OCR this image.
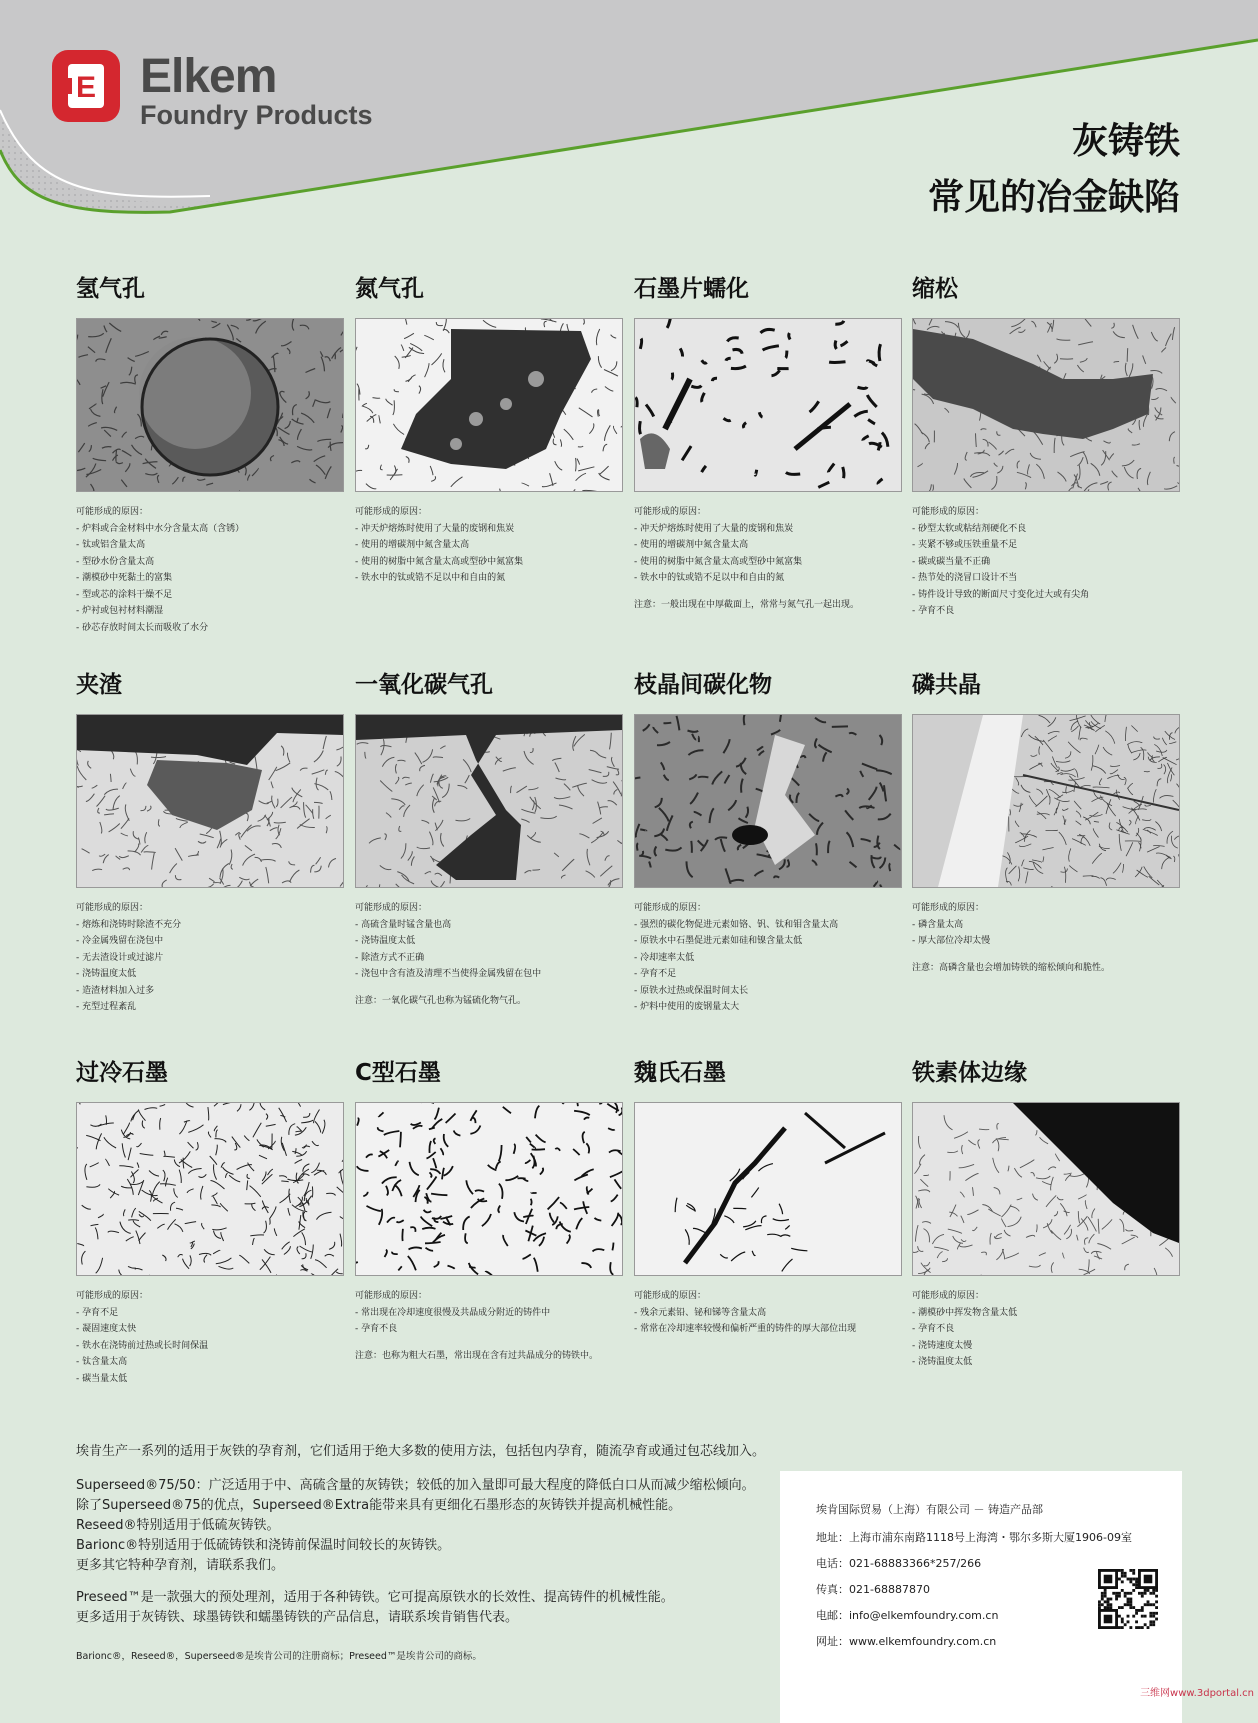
E Elkem
Foundry Products
灰铸铁
常见的冶金缺陷
氢气孔

可能形成的原因：

- 炉料或合金材料中水分含量太高（含锈）

- 钛或铝含量太高

- 型砂水份含量太高

- 潮模砂中死黏土的富集

- 型或芯的涂料干燥不足

- 炉衬或包衬材料潮湿

- 砂芯存放时间太长而吸收了水分

氮气孔

可能形成的原因：

- 冲天炉熔炼时使用了大量的废钢和焦炭

- 使用的增碳剂中氮含量太高

- 使用的树脂中氮含量太高或型砂中氮富集

- 铁水中的钛或锆不足以中和自由的氮

石墨片蠕化

可能形成的原因：

- 冲天炉熔炼时使用了大量的废钢和焦炭

- 使用的增碳剂中氮含量太高

- 使用的树脂中氮含量太高或型砂中氮富集

- 铁水中的钛或锆不足以中和自由的氮

注意：一般出现在中厚截面上，常常与氮气孔一起出现。

缩松

可能形成的原因：

- 砂型太软或粘结剂硬化不良

- 夹紧不够或压铁重量不足

- 碳或碳当量不正确

- 热节处的浇冒口设计不当

- 铸件设计导致的断面尺寸变化过大或有尖角

- 孕育不良

夹渣

可能形成的原因：

- 熔炼和浇铸时除渣不充分

- 冷金属残留在浇包中

- 无去渣设计或过滤片

- 浇铸温度太低

- 造渣材料加入过多

- 充型过程紊乱

一氧化碳气孔

可能形成的原因：

- 高硫含量时锰含量也高

- 浇铸温度太低

- 除渣方式不正确

- 浇包中含有渣及清理不当使得金属残留在包中

注意：一氧化碳气孔也称为锰硫化物气孔。

枝晶间碳化物

可能形成的原因：

- 强烈的碳化物促进元素如铬、钒、钛和钼含量太高

- 原铁水中石墨促进元素如硅和镍含量太低

- 冷却速率太低

- 孕育不足

- 原铁水过热或保温时间太长

- 炉料中使用的废钢量太大

磷共晶

可能形成的原因：

- 磷含量太高

- 厚大部位冷却太慢

注意：高磷含量也会增加铸铁的缩松倾向和脆性。

过冷石墨

可能形成的原因：

- 孕育不足

- 凝固速度太快

- 铁水在浇铸前过热或长时间保温

- 钛含量太高

- 碳当量太低

C型石墨

可能形成的原因：

- 常出现在冷却速度很慢及共晶成分附近的铸件中

- 孕育不良

注意：也称为粗大石墨，常出现在含有过共晶成分的铸铁中。

魏氏石墨

可能形成的原因：

- 残余元素铅、铋和锑等含量太高

- 常常在冷却速率较慢和偏析严重的铸件的厚大部位出现

铁素体边缘

可能形成的原因：

- 潮模砂中挥发物含量太低

- 孕育不良

- 浇铸速度太慢

- 浇铸温度太低

埃肯生产一系列的适用于灰铁的孕育剂，它们适用于绝大多数的使用方法，包括包内孕育，随流孕育或通过包芯线加入。

Superseed®75/50：广泛适用于中、高硫含量的灰铸铁；较低的加入量即可最大程度的降低白口从而减少缩松倾向。

除了Superseed®75的优点，Superseed®Extra能带来具有更细化石墨形态的灰铸铁并提高机械性能。

Reseed®特别适用于低硫灰铸铁。

Barionc®特别适用于低硫铸铁和浇铸前保温时间较长的灰铸铁。

更多其它特种孕育剂，请联系我们。

Preseed™是一款强大的预处理剂，适用于各种铸铁。它可提高原铁水的长效性、提高铸件的机械性能。

更多适用于灰铸铁、球墨铸铁和蠕墨铸铁的产品信息，请联系埃肯销售代表。

Barionc®，Reseed®，Superseed®是埃肯公司的注册商标；Preseed™是埃肯公司的商标。
埃肯国际贸易（上海）有限公司 － 铸造产品部
地址：上海市浦东南路1118号上海湾・鄂尔多斯大厦1906-09室
电话：021-68883366*257/266
传真：021-68887870
电邮：info@elkemfoundry.com.cn
网址：www.elkemfoundry.com.cn
三维网www.3dportal.cn
